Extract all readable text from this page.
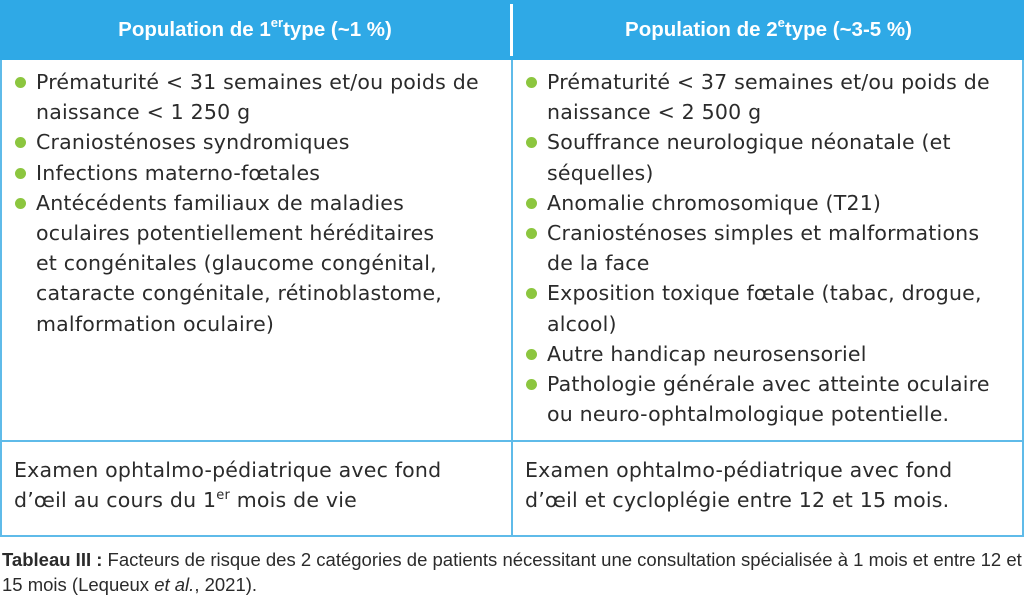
Population de 1er type (~1 %)	Population de 2e type (~3-5 %)
Prématurité < 31 semaines et/ou poids de naissance < 1 250 g
Craniosténoses syndromiques
Infections materno-fœtales
Antécédents familiaux de maladies oculaires potentiellement héréditaires et congénitales (glaucome congénital, cataracte congénitale, rétinoblastome, malformation oculaire)
Prématurité < 37 semaines et/ou poids de naissance < 2 500 g
Souffrance neurologique néonatale (et séquelles)
Anomalie chromosomique (T21)
Craniosténoses simples et malformations de la face
Exposition toxique fœtale (tabac, drogue, alcool)
Autre handicap neurosensoriel
Pathologie générale avec atteinte oculaire ou neuro-ophtalmologique potentielle.
Examen ophtalmo-pédiatrique avec fond
d’œil au cours du 1er mois de vie
Examen ophtalmo-pédiatrique avec fond
d’œil et cycloplégie entre 12 et 15 mois.
Tableau III : Facteurs de risque des 2 catégories de patients nécessitant une consultation spécialisée à 1 mois et entre 12 et 15 mois (Lequeux et al., 2021).
